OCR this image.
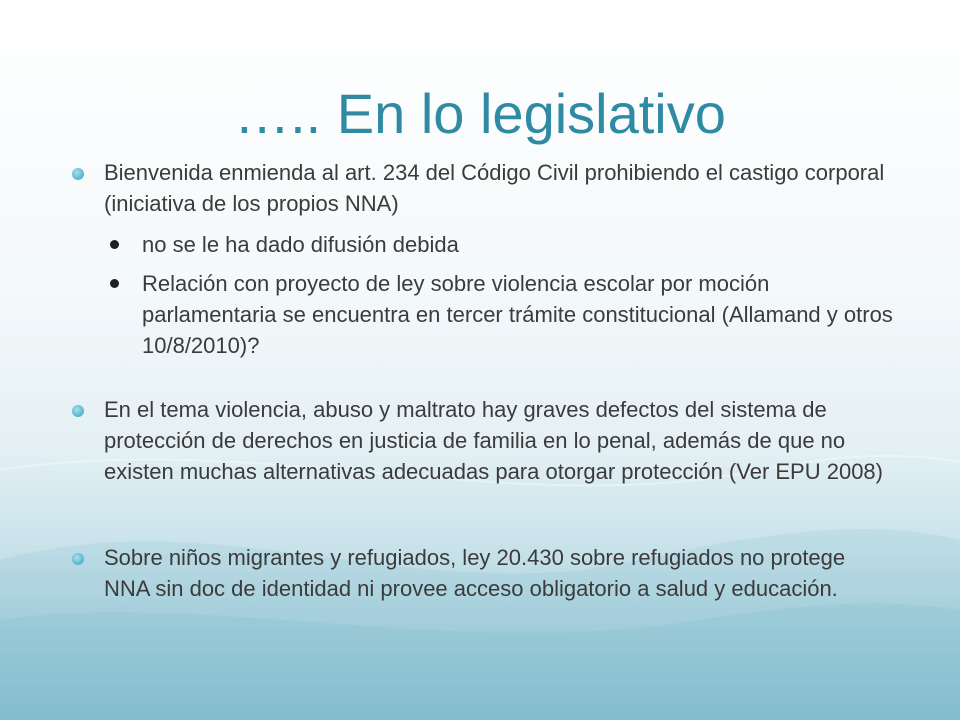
….. En lo legislativo
Bienvenida enmienda al art. 234 del Código Civil prohibiendo el castigo corporal (iniciativa de los propios NNA)
no se le ha dado difusión debida
Relación con proyecto de ley sobre violencia escolar por moción parlamentaria se encuentra en tercer trámite constitucional (Allamand y otros 10/8/2010)?
En el tema violencia, abuso y maltrato hay graves defectos del sistema de protección de derechos en justicia de familia en lo penal, además de que no existen muchas alternativas adecuadas para otorgar protección (Ver EPU 2008)
Sobre niños migrantes y refugiados, ley 20.430 sobre refugiados no protege NNA sin doc de identidad ni provee acceso obligatorio a salud y educación.
